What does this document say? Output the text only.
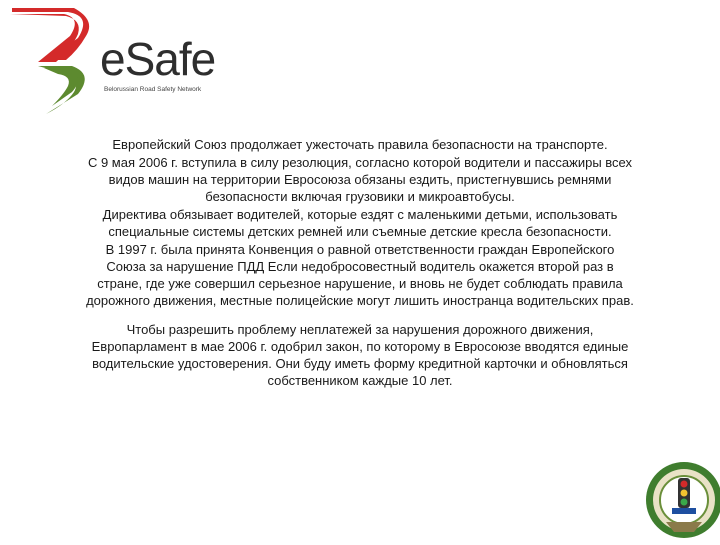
eSafe
Belorussian Road Safety Network

Европейский Союз продолжает ужесточать правила безопасности на транспорте.

С 9 мая 2006 г. вступила в силу резолюция, согласно которой водители и пассажиры всех видов машин на территории Евросоюза обязаны ездить, пристегнувшись ремнями безопасности включая грузовики и микроавтобусы.

Директива обязывает водителей, которые ездят с маленькими детьми, использовать специальные системы детских ремней или съемные детские кресла безопасности.

В 1997 г. была принята Конвенция о равной ответственности граждан Европейского Союза за нарушение ПДД Если недобросовестный водитель окажется второй раз в стране, где уже совершил серьезное нарушение, и вновь не будет соблюдать правила дорожного движения, местные полицейские могут лишить иностранца водительских прав.

Чтобы разрешить проблему неплатежей за нарушения дорожного движения, Европарламент в мае 2006 г. одобрил закон, по которому в Евросоюзе вводятся единые водительские удостоверения. Они буду иметь форму кредитной карточки и обновляться собственником каждые 10 лет.
